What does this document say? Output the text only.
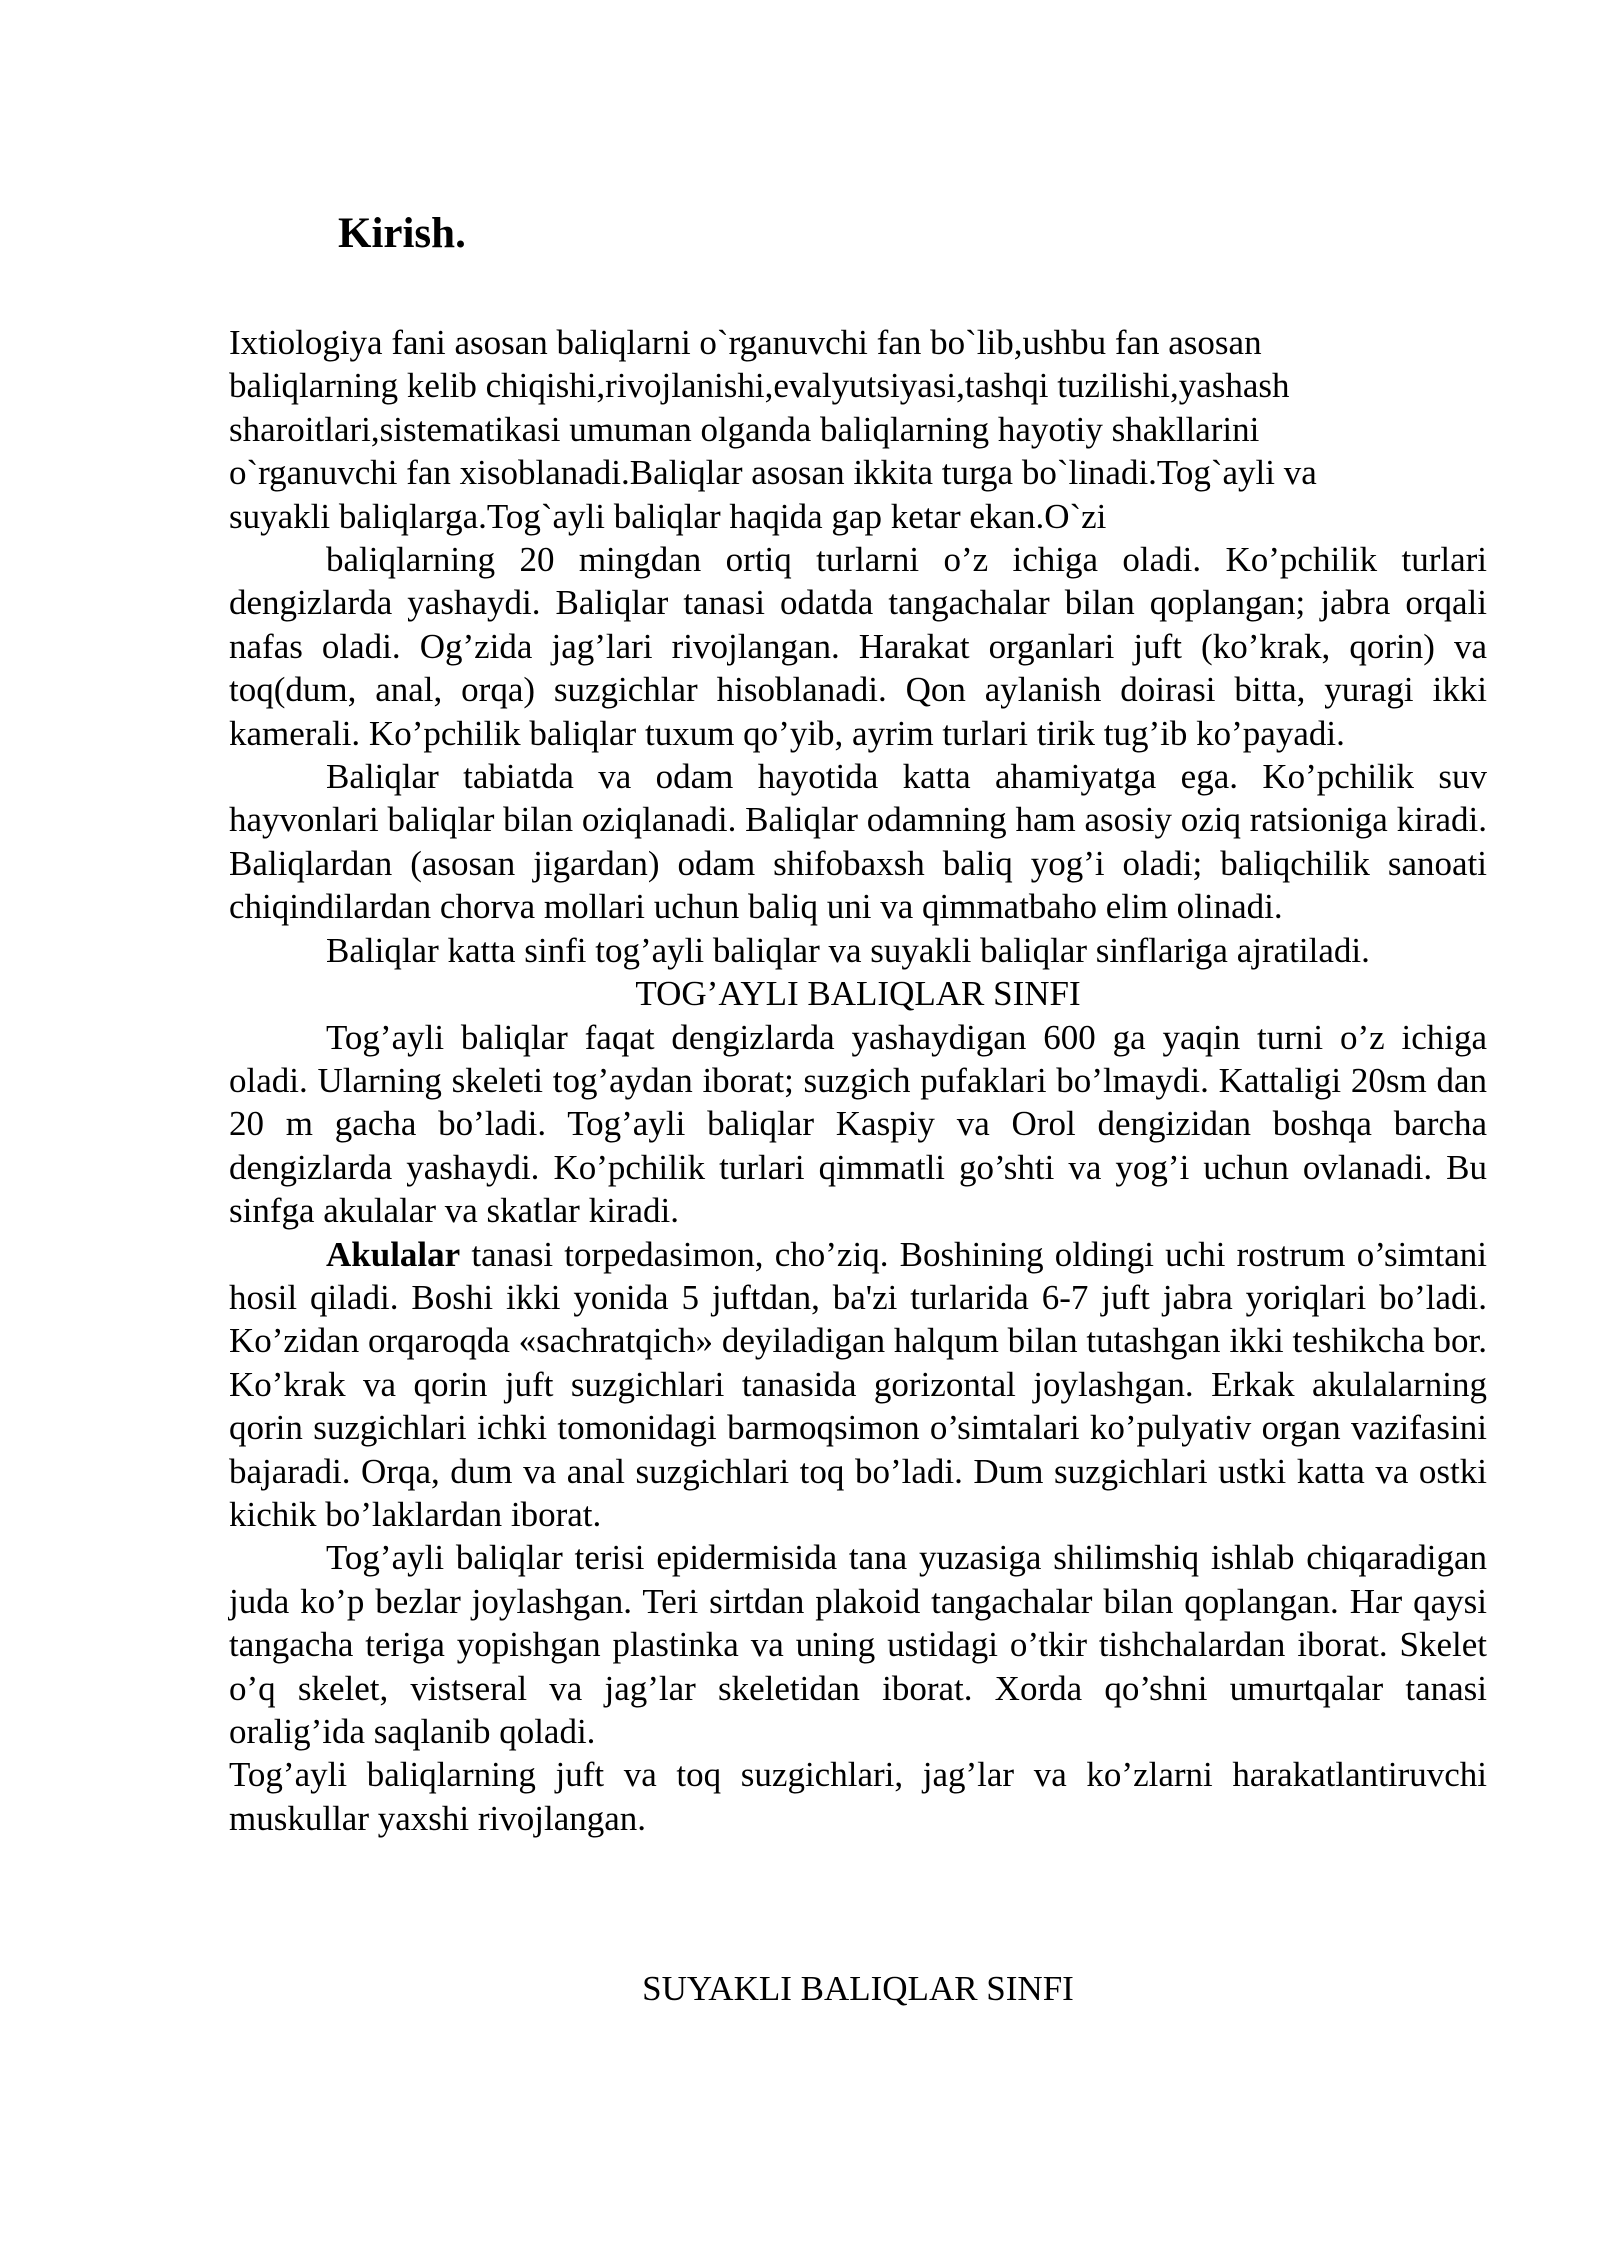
Kirish.

Ixtiologiya fani asosan baliqlarni o`rganuvchi fan bo`lib,ushbu fan asosan

baliqlarning kelib chiqishi,rivojlanishi,evalyutsiyasi,tashqi tuzilishi,yashash

sharoitlari,sistematikasi umuman olganda baliqlarning hayotiy shakllarini

o`rganuvchi fan xisoblanadi.Baliqlar asosan ikkita turga bo`linadi.Tog`ayli va

suyakli baliqlarga.Tog`ayli baliqlar haqida gap ketar ekan.O`zi

baliqlarning 20 mingdan ortiq turlarni o’z ichiga oladi. Ko’pchilik turlari dengizlarda yashaydi. Baliqlar tanasi odatda tangachalar bilan qoplangan; jabra orqali nafas oladi. Og’zida jag’lari rivojlangan. Harakat organlari juft (ko’krak, qorin) va toq(dum, anal, orqa) suzgichlar hisoblanadi. Qon aylanish doirasi bitta, yuragi ikki kamerali. Ko’pchilik baliqlar tuxum qo’yib, ayrim turlari tirik tug’ib ko’payadi.

Baliqlar tabiatda va odam hayotida katta ahamiyatga ega. Ko’pchilik suv hayvonlari baliqlar bilan oziqlanadi. Baliqlar odamning ham asosiy oziq ratsioniga kiradi. Baliqlardan (asosan jigardan) odam shifobaxsh baliq yog’i oladi; baliqchilik sanoati chiqindilardan chorva mollari uchun baliq uni va qimmatbaho elim olinadi.

Baliqlar katta sinfi tog’ayli baliqlar va suyakli baliqlar sinflariga ajratiladi.

TOG’AYLI BALIQLAR SINFI

Tog’ayli baliqlar faqat dengizlarda yashaydigan 600 ga yaqin turni o’z ichiga oladi. Ularning skeleti tog’aydan iborat; suzgich pufaklari bo’lmaydi. Kattaligi 20sm dan 20 m gacha bo’ladi. Tog’ayli baliqlar Kaspiy va Orol dengizidan boshqa barcha dengizlarda yashaydi. Ko’pchilik turlari qimmatli go’shti va yog’i uchun ovlanadi. Bu sinfga akulalar va skatlar kiradi.

Akulalar tanasi torpedasimon, cho’ziq. Boshining oldingi uchi rostrum o’simtani hosil qiladi. Boshi ikki yonida 5 juftdan, ba'zi turlarida 6-7 juft jabra yoriqlari bo’ladi. Ko’zidan orqaroqda «sachratqich» deyiladigan halqum bilan tutashgan ikki teshikcha bor. Ko’krak va qorin juft suzgichlari tanasida gorizontal joylashgan. Erkak akulalarning qorin suzgichlari ichki tomonidagi barmoqsimon o’simtalari ko’pulyativ organ vazifasini bajaradi. Orqa, dum va anal suzgichlari toq bo’ladi. Dum suzgichlari ustki katta va ostki kichik bo’laklardan iborat.

Tog’ayli baliqlar terisi epidermisida tana yuzasiga shilimshiq ishlab chiqaradigan juda ko’p bezlar joylashgan. Teri sirtdan plakoid tangachalar bilan qoplangan. Har qaysi tangacha teriga yopishgan plastinka va uning ustidagi o’tkir tishchalardan iborat. Skelet o’q skelet, vistseral va jag’lar skeletidan iborat. Xorda qo’shni umurtqalar tanasi oralig’ida saqlanib qoladi.

Tog’ayli baliqlarning juft va toq suzgichlari, jag’lar va ko’zlarni harakatlantiruvchi muskullar yaxshi rivojlangan.

SUYAKLI BALIQLAR SINFI
